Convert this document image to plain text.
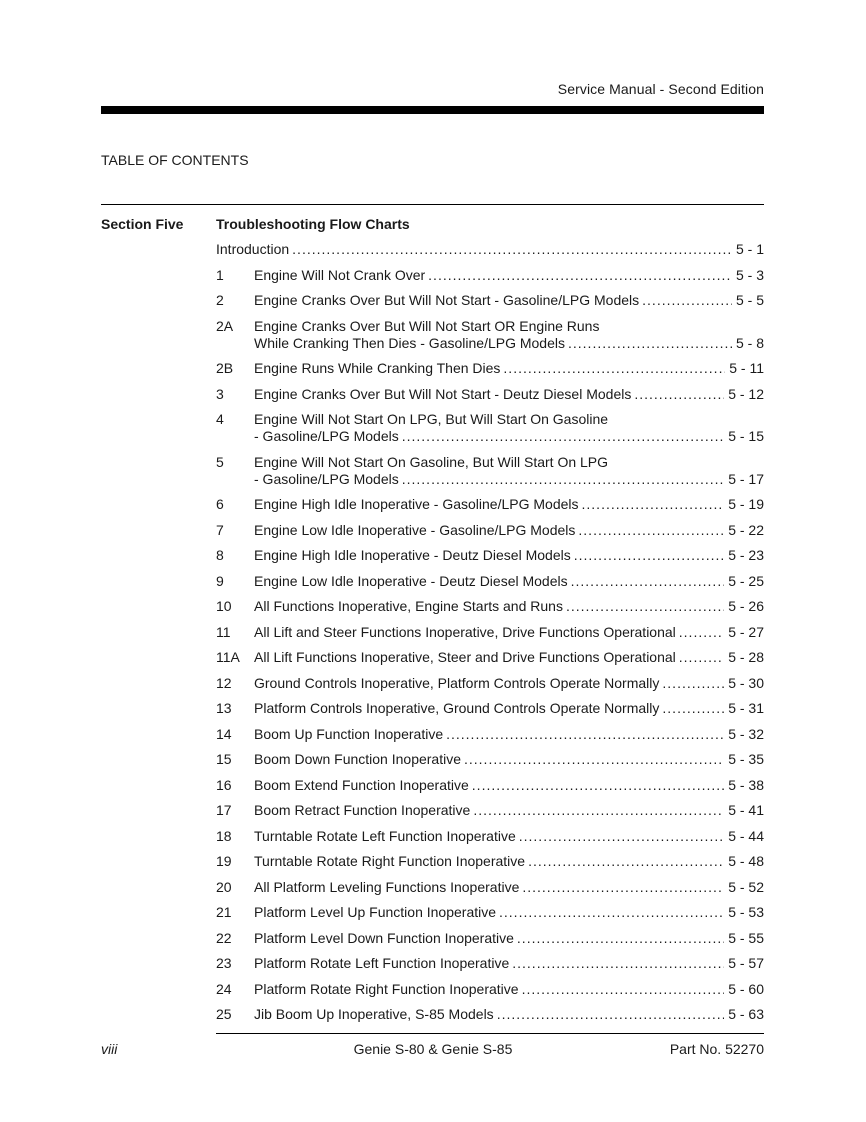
Service Manual - Second Edition
TABLE OF CONTENTS
Section Five Troubleshooting Flow Charts
Introduction .....	5 - 1
1 Engine Will Not Crank Over .....	5 - 3
2 Engine Cranks Over But Will Not Start - Gasoline/LPG Models .....	5 - 5
2A Engine Cranks Over But Will Not Start OR Engine Runs
While Cranking Then Dies - Gasoline/LPG Models .....	5 - 8
2B Engine Runs While Cranking Then Dies .....	5 - 11
3 Engine Cranks Over But Will Not Start - Deutz Diesel Models .....	5 - 12
4 Engine Will Not Start On LPG, But Will Start On Gasoline
- Gasoline/LPG Models .....	5 - 15
5 Engine Will Not Start On Gasoline, But Will Start On LPG
- Gasoline/LPG Models .....	5 - 17
6 Engine High Idle Inoperative - Gasoline/LPG Models .....	5 - 19
7 Engine Low Idle Inoperative - Gasoline/LPG Models .....	5 - 22
8 Engine High Idle Inoperative - Deutz Diesel Models .....	5 - 23
9 Engine Low Idle Inoperative - Deutz Diesel Models .....	5 - 25
10 All Functions Inoperative, Engine Starts and Runs .....	5 - 26
11 All Lift and Steer Functions Inoperative, Drive Functions Operational .....	5 - 27
11A All Lift Functions Inoperative, Steer and Drive Functions Operational .....	5 - 28
12 Ground Controls Inoperative, Platform Controls Operate Normally .....	5 - 30
13 Platform Controls Inoperative, Ground Controls Operate Normally .....	5 - 31
14 Boom Up Function Inoperative .....	5 - 32
15 Boom Down Function Inoperative .....	5 - 35
16 Boom Extend Function Inoperative .....	5 - 38
17 Boom Retract Function Inoperative .....	5 - 41
18 Turntable Rotate Left Function Inoperative .....	5 - 44
19 Turntable Rotate Right Function Inoperative .....	5 - 48
20 All Platform Leveling Functions Inoperative .....	5 - 52
21 Platform Level Up Function Inoperative .....	5 - 53
22 Platform Level Down Function Inoperative .....	5 - 55
23 Platform Rotate Left Function Inoperative .....	5 - 57
24 Platform Rotate Right Function Inoperative .....	5 - 60
25 Jib Boom Up Inoperative, S-85 Models .....	5 - 63
viii	Genie S-80 & Genie S-85	Part No. 52270
